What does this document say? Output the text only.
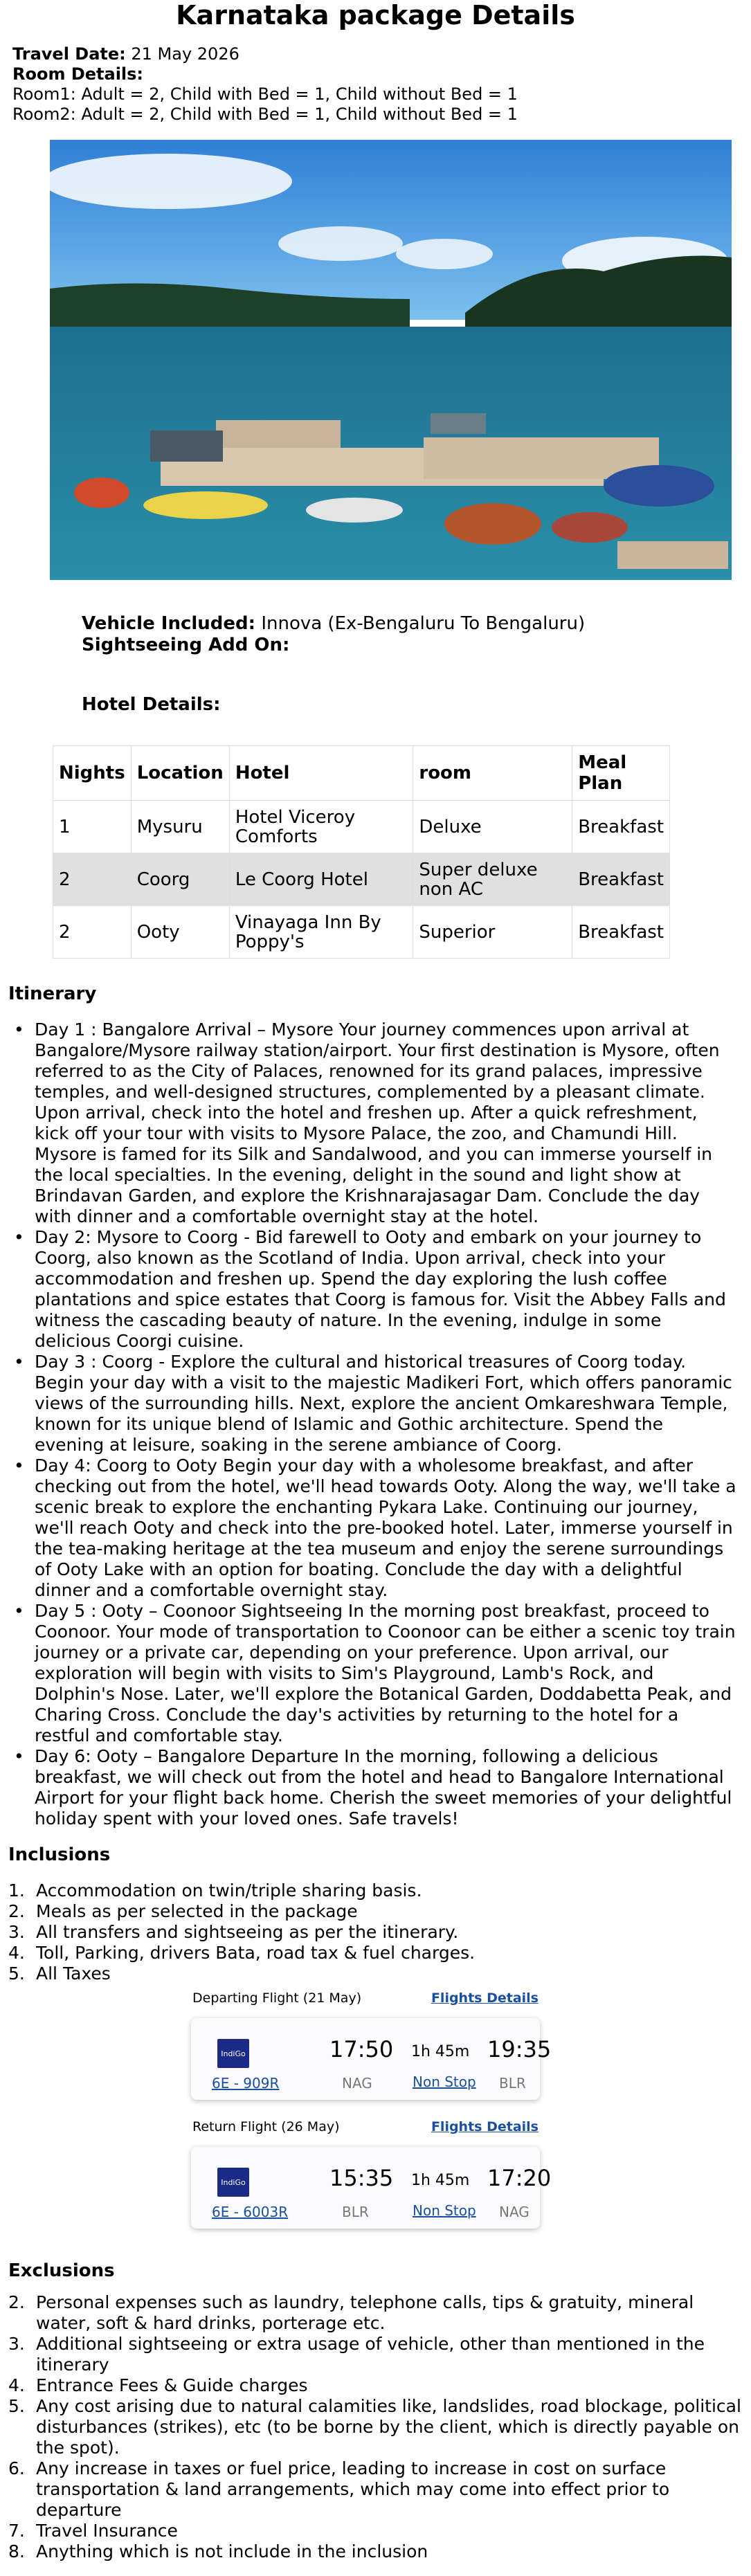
Karnataka package Details
Travel Date: 21 May 2026
Room Details:
Room1: Adult = 2, Child with Bed = 1, Child without Bed = 1
Room2: Adult = 2, Child with Bed = 1, Child without Bed = 1
Vehicle Included: Innova (Ex-Bengaluru To Bengaluru)
Sightseeing Add On:
Hotel Details:
Nights	Location	Hotel	room	Meal Plan
1	Mysuru	Hotel Viceroy Comforts	Deluxe	Breakfast
2	Coorg	Le Coorg Hotel	Super deluxe non AC	Breakfast
2	Ooty	Vinayaga Inn By Poppy's	Superior	Breakfast
Itinerary
• Day 1 : Bangalore Arrival – Mysore Your journey commences upon arrival at Bangalore/Mysore railway station/airport. Your first destination is Mysore, often referred to as the City of Palaces, renowned for its grand palaces, impressive temples, and well-designed structures, complemented by a pleasant climate. Upon arrival, check into the hotel and freshen up. After a quick refreshment, kick off your tour with visits to Mysore Palace, the zoo, and Chamundi Hill. Mysore is famed for its Silk and Sandalwood, and you can immerse yourself in the local specialties. In the evening, delight in the sound and light show at Brindavan Garden, and explore the Krishnarajasagar Dam. Conclude the day with dinner and a comfortable overnight stay at the hotel.
• Day 2: Mysore to Coorg - Bid farewell to Ooty and embark on your journey to Coorg, also known as the Scotland of India. Upon arrival, check into your accommodation and freshen up. Spend the day exploring the lush coffee plantations and spice estates that Coorg is famous for. Visit the Abbey Falls and witness the cascading beauty of nature. In the evening, indulge in some delicious Coorgi cuisine.
• Day 3 : Coorg - Explore the cultural and historical treasures of Coorg today. Begin your day with a visit to the majestic Madikeri Fort, which offers panoramic views of the surrounding hills. Next, explore the ancient Omkareshwara Temple, known for its unique blend of Islamic and Gothic architecture. Spend the evening at leisure, soaking in the serene ambiance of Coorg.
• Day 4: Coorg to Ooty Begin your day with a wholesome breakfast, and after checking out from the hotel, we'll head towards Ooty. Along the way, we'll take a scenic break to explore the enchanting Pykara Lake. Continuing our journey, we'll reach Ooty and check into the pre-booked hotel. Later, immerse yourself in the tea-making heritage at the tea museum and enjoy the serene surroundings of Ooty Lake with an option for boating. Conclude the day with a delightful dinner and a comfortable overnight stay.
• Day 5 : Ooty – Coonoor Sightseeing In the morning post breakfast, proceed to Coonoor. Your mode of transportation to Coonoor can be either a scenic toy train journey or a private car, depending on your preference. Upon arrival, our exploration will begin with visits to Sim's Playground, Lamb's Rock, and Dolphin's Nose. Later, we'll explore the Botanical Garden, Doddabetta Peak, and Charing Cross. Conclude the day's activities by returning to the hotel for a restful and comfortable stay.
• Day 6: Ooty – Bangalore Departure In the morning, following a delicious breakfast, we will check out from the hotel and head to Bangalore International Airport for your flight back home. Cherish the sweet memories of your delightful holiday spent with your loved ones. Safe travels!
Inclusions
1. Accommodation on twin/triple sharing basis.
2. Meals as per selected in the package
3. All transfers and sightseeing as per the itinerary.
4. Toll, Parking, drivers Bata, road tax & fuel charges.
5. All Taxes
Departing Flight (21 May)	Flights Details
IndiGo
6E - 909R
17:50
NAG
1h 45m
Non Stop
19:35
BLR
Return Flight (26 May)	Flights Details
IndiGo
6E - 6003R
15:35
BLR
1h 45m
Non Stop
17:20
NAG
Exclusions
2. Personal expenses such as laundry, telephone calls, tips & gratuity, mineral water, soft & hard drinks, porterage etc.
3. Additional sightseeing or extra usage of vehicle, other than mentioned in the itinerary
4. Entrance Fees & Guide charges
5. Any cost arising due to natural calamities like, landslides, road blockage, political disturbances (strikes), etc (to be borne by the client, which is directly payable on the spot).
6. Any increase in taxes or fuel price, leading to increase in cost on surface transportation & land arrangements, which may come into effect prior to departure
7. Travel Insurance
8. Anything which is not include in the inclusion
